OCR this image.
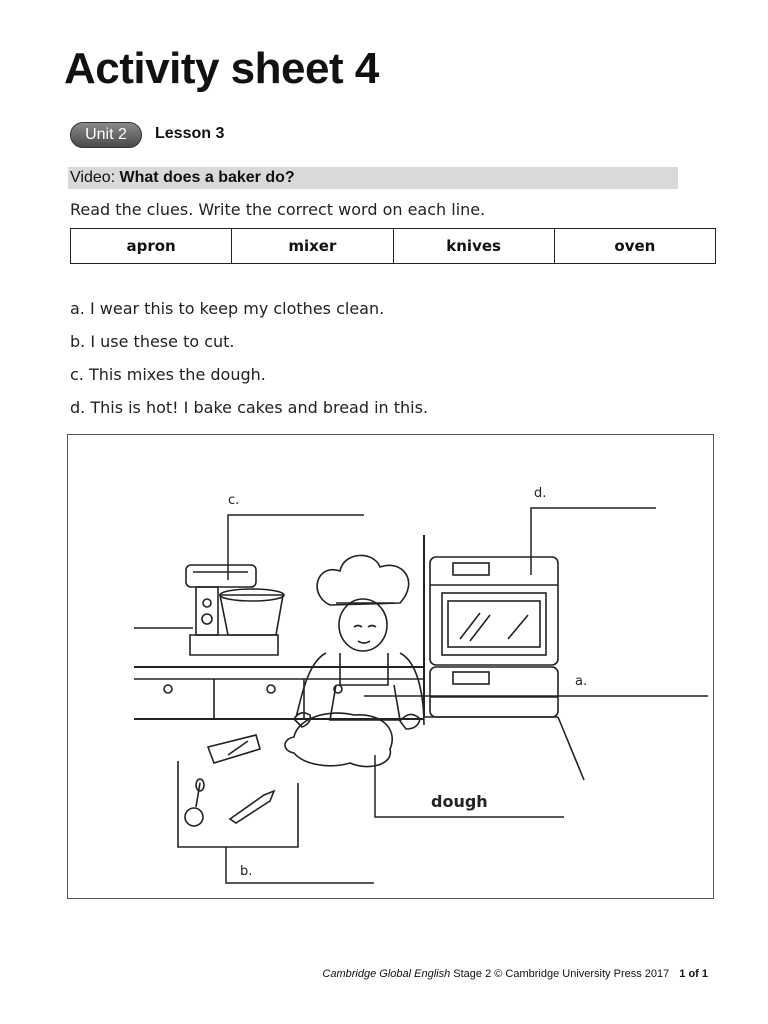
Activity sheet 4
Unit 2	Lesson 3
Video: What does a baker do?
Read the clues. Write the correct word on each line.
apron	mixer	knives	oven
a. I wear this to keep my clothes clean.
b. I use these to cut.
c. This mixes the dough.
d. This is hot! I bake cakes and bread in this.
c.	d.
a.
b.
dough
Cambridge Global English Stage 2 © Cambridge University Press 2017 1 of 1
